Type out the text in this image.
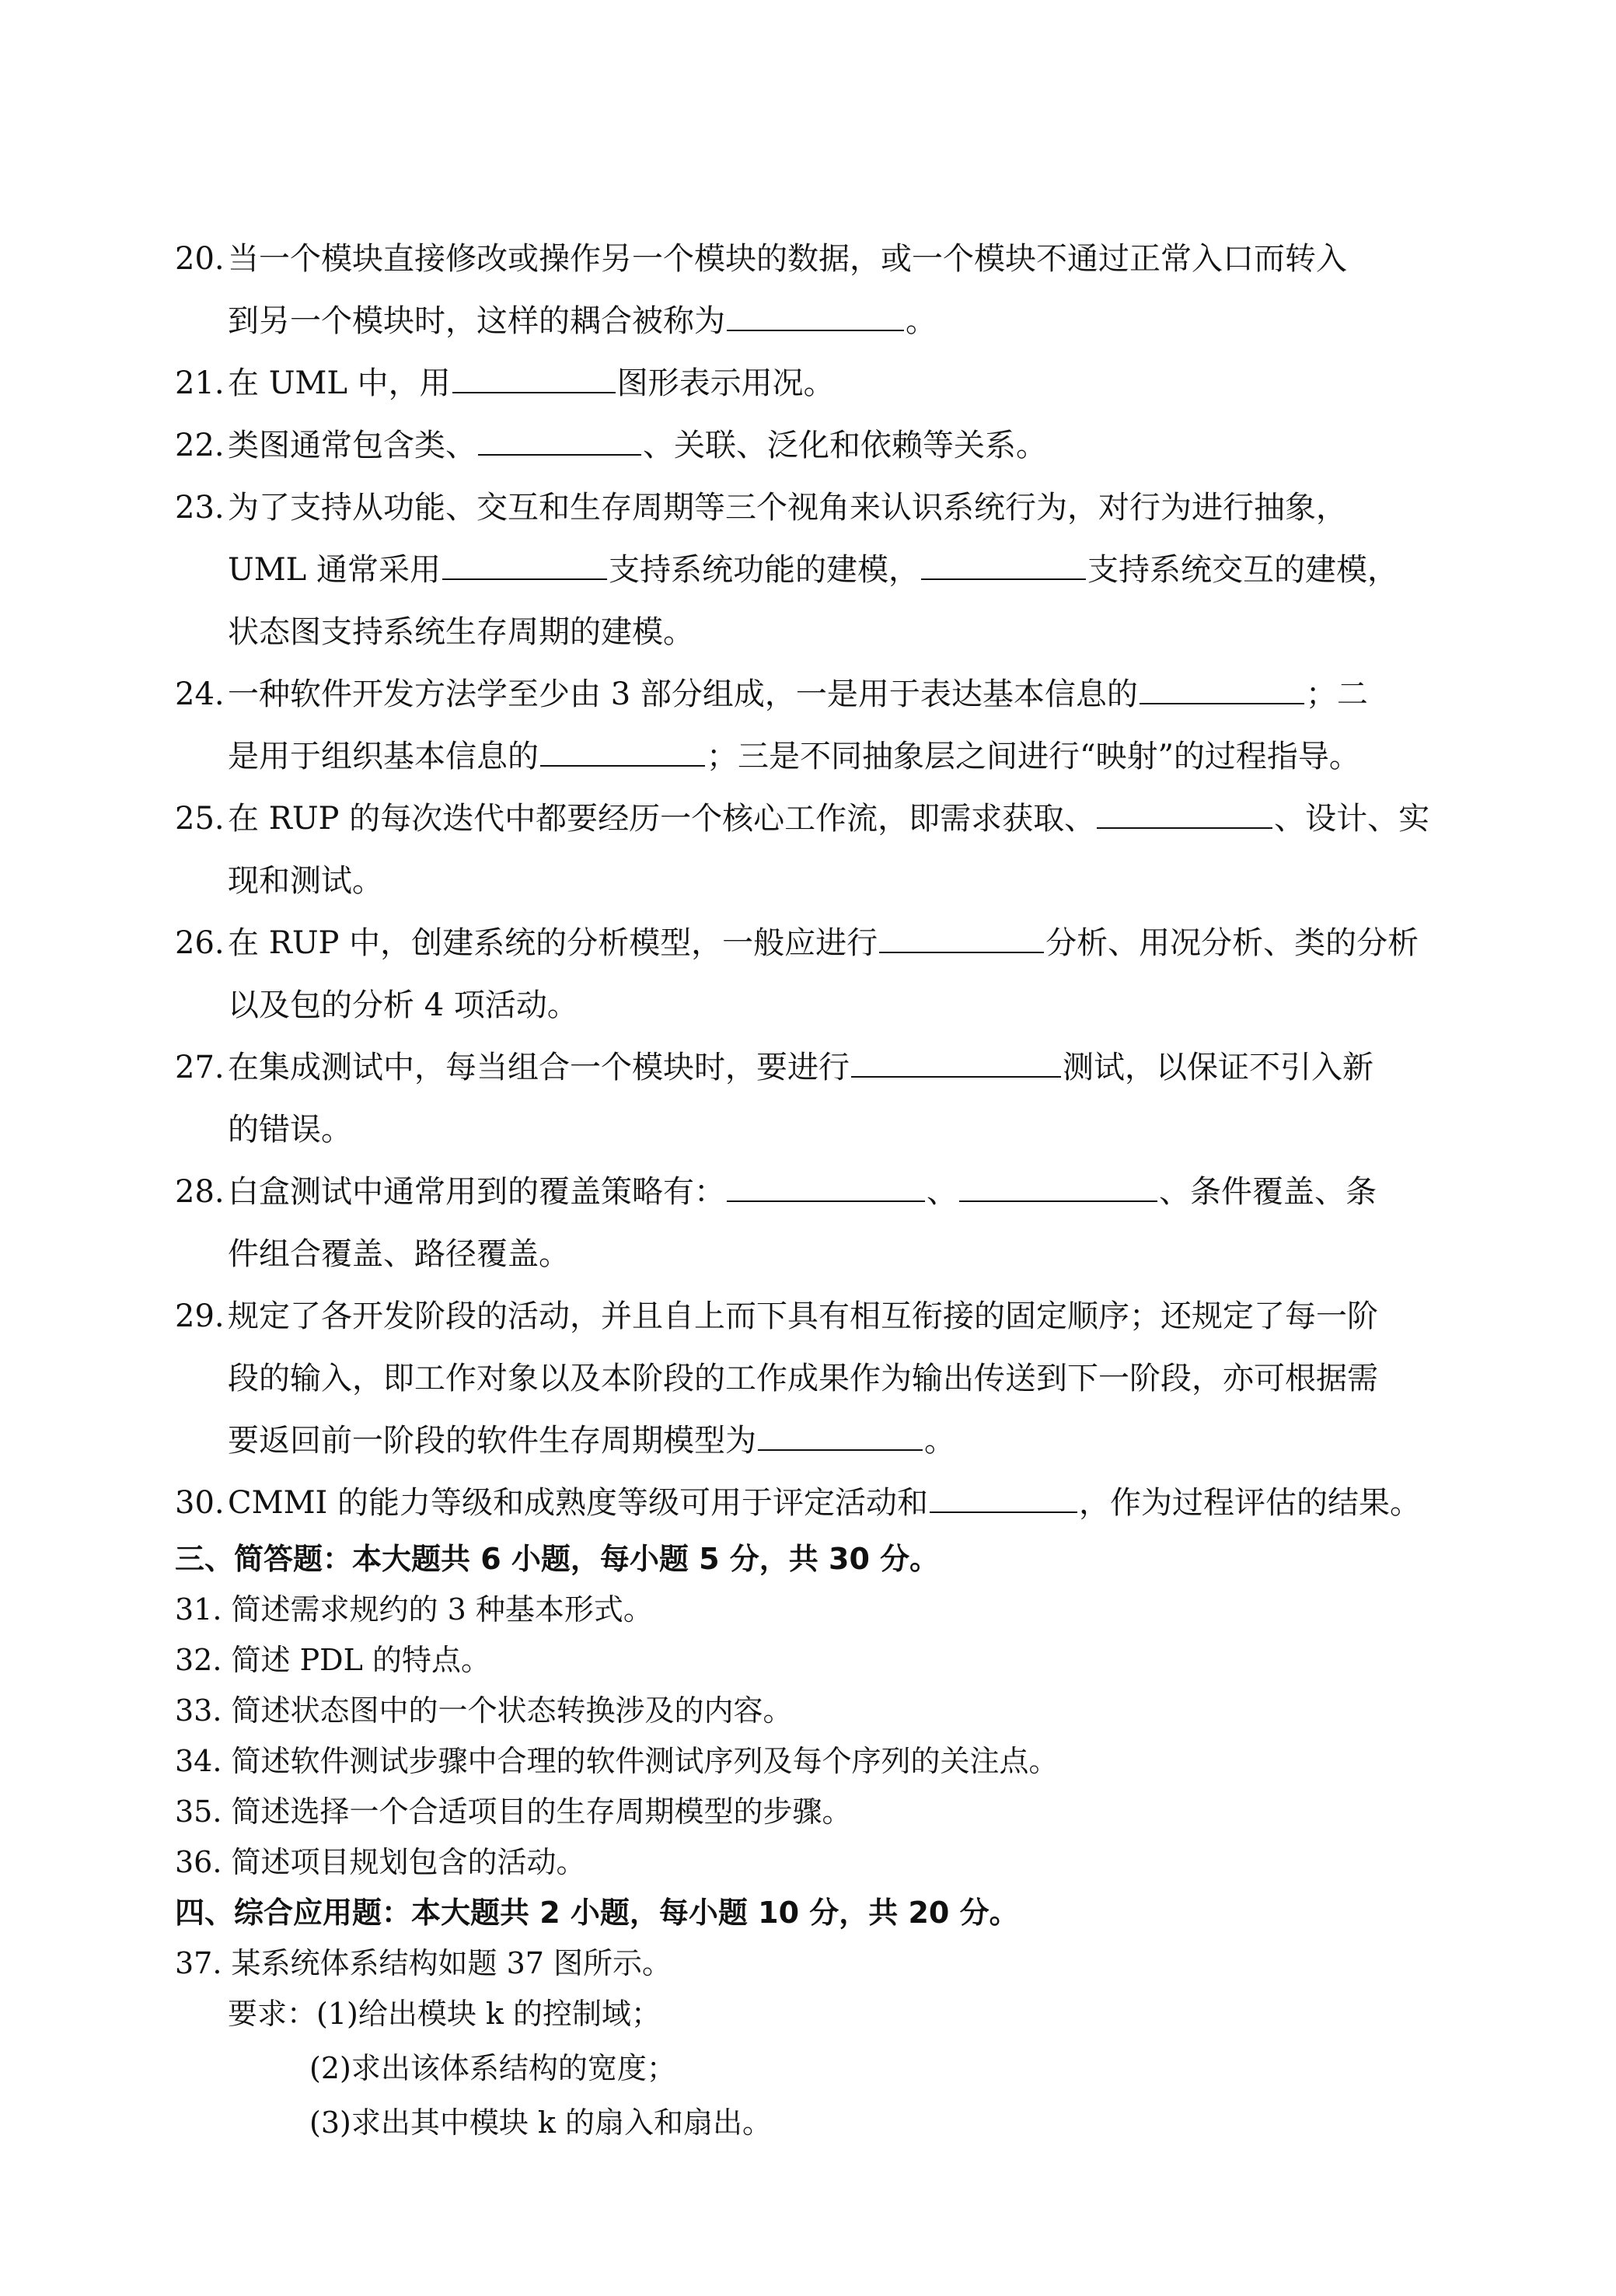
20. 当一个模块直接修改或操作另一个模块的数据，或一个模块不通过正常入口而转入
到另一个模块时，这样的耦合被称为	。
21. 在 UML 中，用	图形表示用况。
22. 类图通常包含类、	、关联、泛化和依赖等关系。
23. 为了支持从功能、交互和生存周期等三个视角来认识系统行为，对行为进行抽象，
UML 通常采用	支持系统功能的建模，	支持系统交互的建模，
状态图支持系统生存周期的建模。
24. 一种软件开发方法学至少由 3 部分组成，一是用于表达基本信息的	；二
是用于组织基本信息的	；三是不同抽象层之间进行“映射”的过程指导。
25. 在 RUP 的每次迭代中都要经历一个核心工作流，即需求获取、	、设计、实
现和测试。
26. 在 RUP 中，创建系统的分析模型，一般应进行	分析、用况分析、类的分析
以及包的分析 4 项活动。
27. 在集成测试中，每当组合一个模块时，要进行	测试，以保证不引入新
的错误。
28. 白盒测试中通常用到的覆盖策略有：	、	、条件覆盖、条
件组合覆盖、路径覆盖。
29. 规定了各开发阶段的活动，并且自上而下具有相互衔接的固定顺序；还规定了每一阶
段的输入，即工作对象以及本阶段的工作成果作为输出传送到下一阶段，亦可根据需
要返回前一阶段的软件生存周期模型为	。
30. CMMI 的能力等级和成熟度等级可用于评定活动和	，作为过程评估的结果。
三、简答题：本大题共 6 小题，每小题 5 分，共 30 分。
31. 简述需求规约的 3 种基本形式。
32. 简述 PDL 的特点。
33. 简述状态图中的一个状态转换涉及的内容。
34. 简述软件测试步骤中合理的软件测试序列及每个序列的关注点。
35. 简述选择一个合适项目的生存周期模型的步骤。
36. 简述项目规划包含的活动。
四、综合应用题：本大题共 2 小题，每小题 10 分，共 20 分。
37. 某系统体系结构如题 37 图所示。
要求：(1)给出模块 k 的控制域；
(2)求出该体系结构的宽度；
(3)求出其中模块 k 的扇入和扇出。
